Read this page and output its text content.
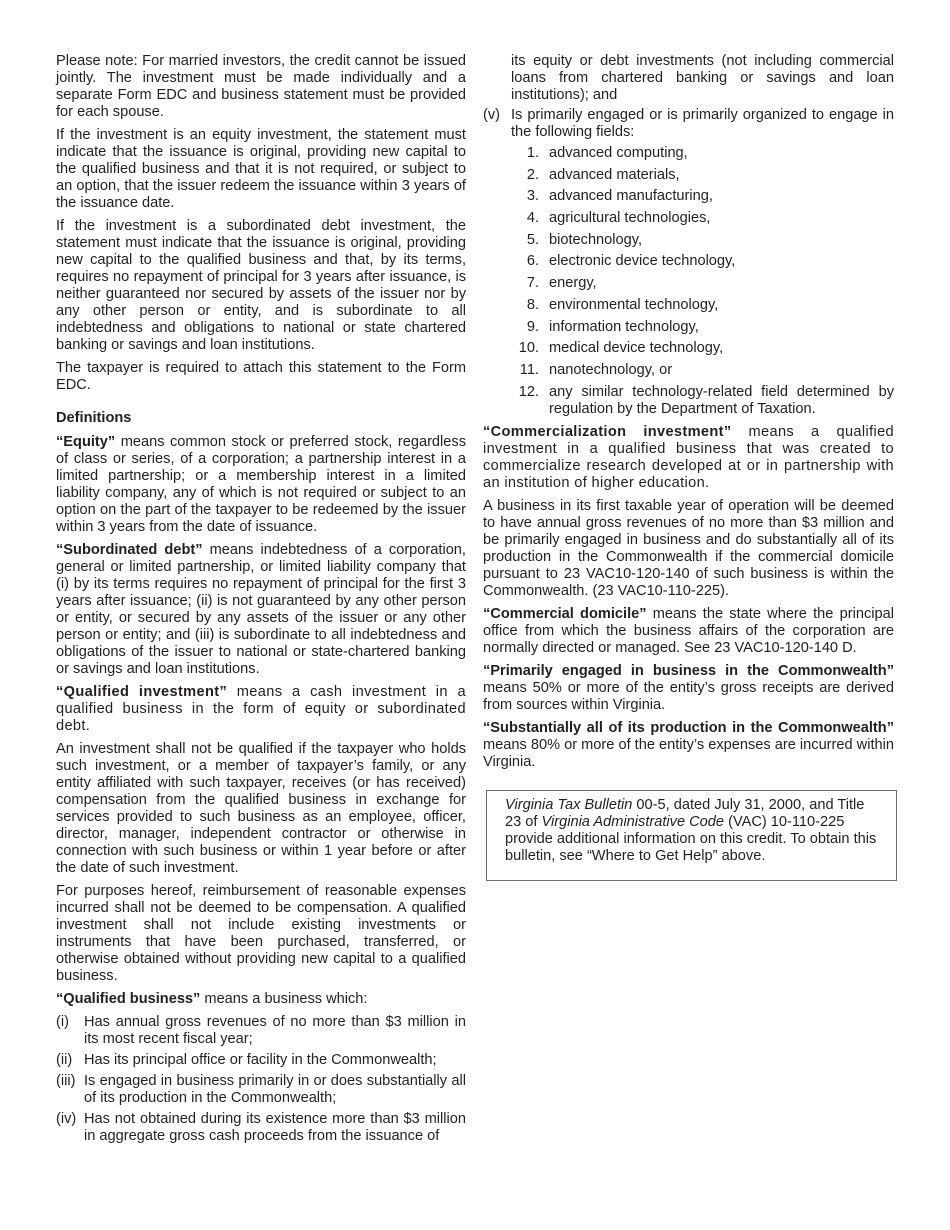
Please note: For married investors, the credit cannot be issued jointly. The investment must be made individually and a separate Form EDC and business statement must be provided for each spouse.

If the investment is an equity investment, the statement must indicate that the issuance is original, providing new capital to the qualified business and that it is not required, or subject to an option, that the issuer redeem the issuance within 3 years of the issuance date.

If the investment is a subordinated debt investment, the statement must indicate that the issuance is original, providing new capital to the qualified business and that, by its terms, requires no repayment of principal for 3 years after issuance, is neither guaranteed nor secured by assets of the issuer nor by any other person or entity, and is subordinate to all indebtedness and obligations to national or state chartered banking or savings and loan institutions.

The taxpayer is required to attach this statement to the Form EDC.

Definitions

“Equity” means common stock or preferred stock, regardless of class or series, of a corporation; a partnership interest in a limited partnership; or a membership interest in a limited liability company, any of which is not required or subject to an option on the part of the taxpayer to be redeemed by the issuer within 3 years from the date of issuance.

“Subordinated debt” means indebtedness of a corporation, general or limited partnership, or limited liability company that (i) by its terms requires no repayment of principal for the first 3 years after issuance; (ii) is not guaranteed by any other person or entity, or secured by any assets of the issuer or any other person or entity; and (iii) is subordinate to all indebtedness and obligations of the issuer to national or state-chartered banking or savings and loan institutions.

“Qualified investment” means a cash investment in a qualified business in the form of equity or subordinated debt.

An investment shall not be qualified if the taxpayer who holds such investment, or a member of taxpayer’s family, or any entity affiliated with such taxpayer, receives (or has received) compensation from the qualified business in exchange for services provided to such business as an employee, officer, director, manager, independent contractor or otherwise in connection with such business or within 1 year before or after the date of such investment.

For purposes hereof, reimbursement of reasonable expenses incurred shall not be deemed to be compensation. A qualified investment shall not include existing investments or instruments that have been purchased, transferred, or otherwise obtained without providing new capital to a qualified business.

“Qualified business” means a business which:

(i)	Has annual gross revenues of no more than $3 million in its most recent fiscal year;
(ii) Has its principal office or facility in the Commonwealth;
(iii) Is engaged in business primarily in or does substantially all of its production in the Commonwealth;
(iv) Has not obtained during its existence more than $3 million in aggregate gross cash proceeds from the issuance of
its equity or debt investments (not including commercial loans from chartered banking or savings and loan institutions); and
(v) Is primarily engaged or is primarily organized to engage in the following fields:
1. advanced computing,
2. advanced materials,
3. advanced manufacturing,
4. agricultural technologies,
5. biotechnology,
6. electronic device technology,
7. energy,
8. environmental technology,
9. information technology,
10. medical device technology,
11. nanotechnology, or
12. any similar technology-related field determined by regulation by the Department of Taxation.

“Commercialization investment” means a qualified investment in a qualified business that was created to commercialize research developed at or in partnership with an institution of higher education.

A business in its first taxable year of operation will be deemed to have annual gross revenues of no more than $3 million and be primarily engaged in business and do substantially all of its production in the Commonwealth if the commercial domicile pursuant to 23 VAC10-120-140 of such business is within the Commonwealth. (23 VAC10-110-225).

“Commercial domicile” means the state where the principal office from which the business affairs of the corporation are normally directed or managed. See 23 VAC10-120-140 D.

“Primarily engaged in business in the Commonwealth” means 50% or more of the entity’s gross receipts are derived from sources within Virginia.

“Substantially all of its production in the Commonwealth” means 80% or more of the entity’s expenses are incurred within Virginia.

Virginia Tax Bulletin 00-5, dated July 31, 2000, and Title 23 of Virginia Administrative Code (VAC) 10-110-225 provide additional information on this credit. To obtain this bulletin, see “Where to Get Help” above.
